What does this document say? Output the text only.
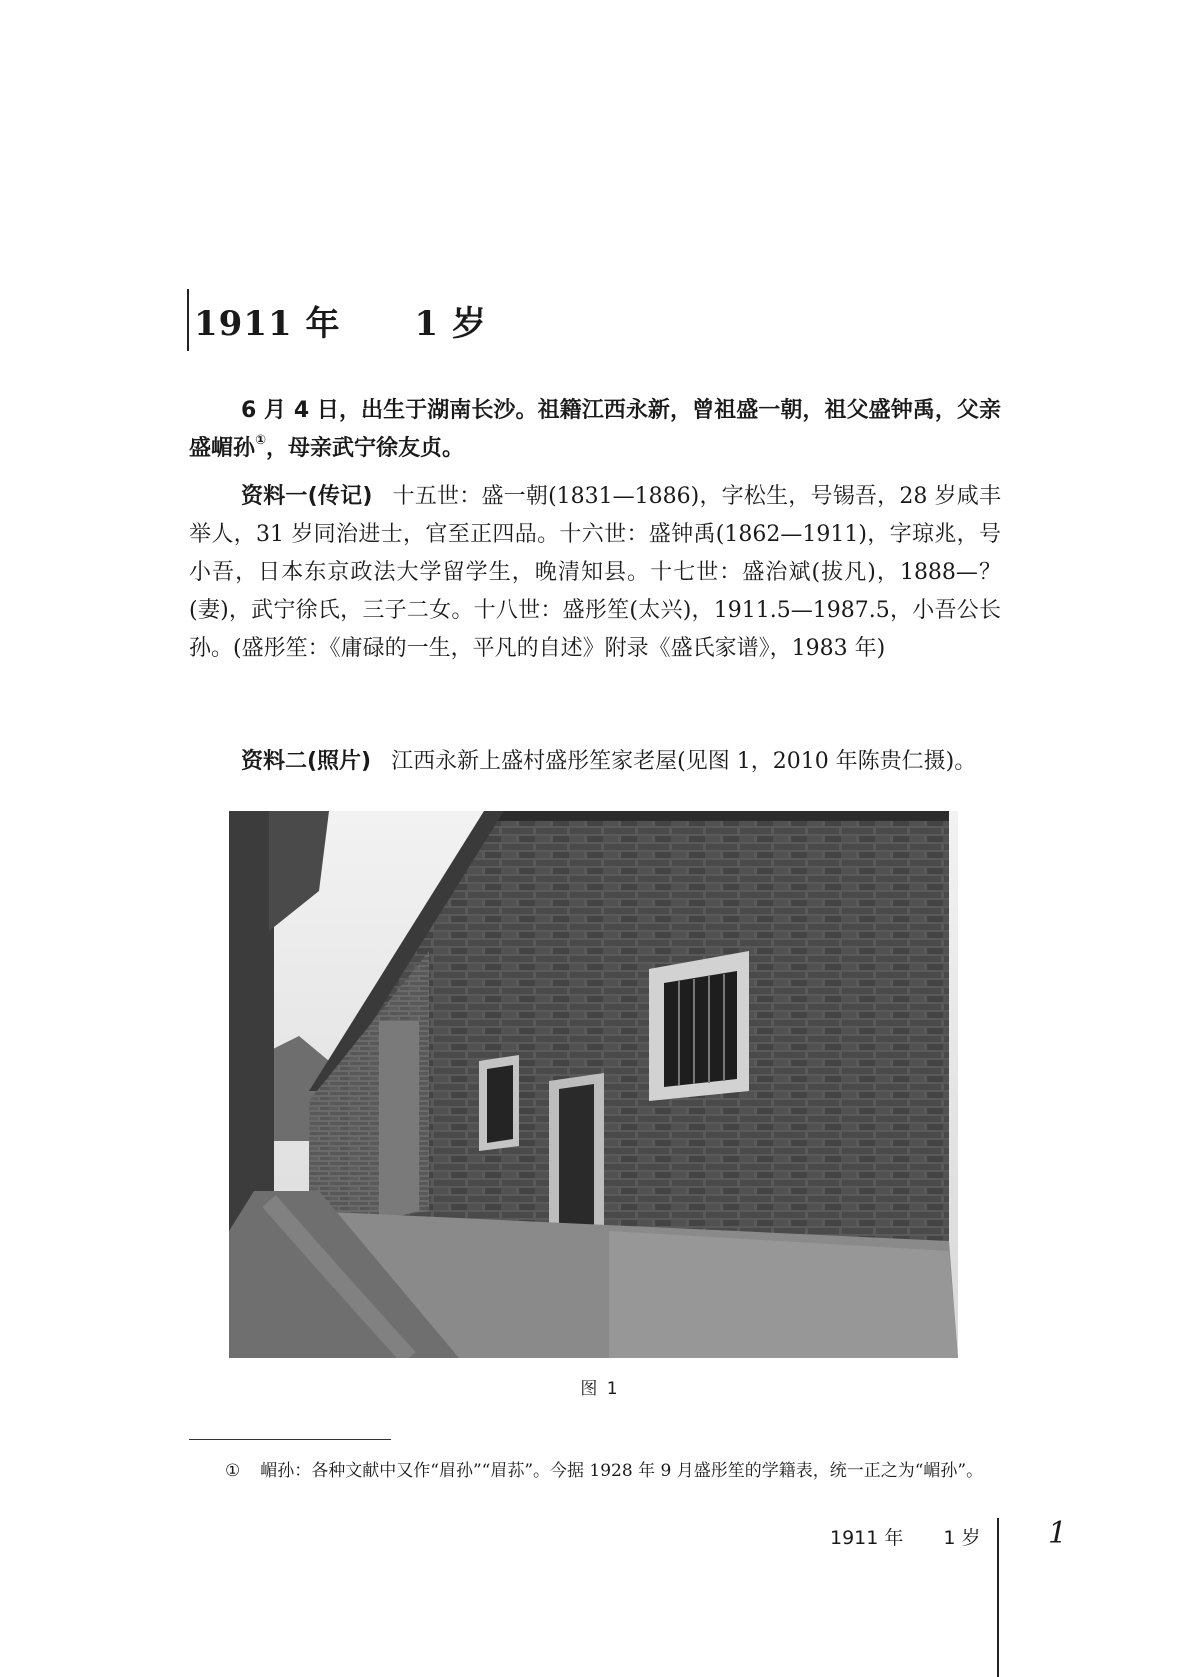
1911 年 1 岁

6 月 4 日，出生于湖南长沙。祖籍江西永新，曾祖盛一朝，祖父盛钟禹，父亲盛嵋孙①，母亲武宁徐友贞。

资料一(传记) 十五世：盛一朝(1831—1886)，字松生，号锡吾，28 岁咸丰举人，31 岁同治进士，官至正四品。十六世：盛钟禹(1862—1911)，字琼兆，号小吾，日本东京政法大学留学生，晚清知县。十七世：盛治斌(拔凡)，1888—？(妻)，武宁徐氏，三子二女。十八世：盛彤笙(太兴)，1911.5—1987.5，小吾公长孙。(盛彤笙：《庸碌的一生，平凡的自述》附录《盛氏家谱》，1983 年)

资料二(照片) 江西永新上盛村盛彤笙家老屋(见图 1，2010 年陈贵仁摄)。

图 1
① 嵋孙：各种文献中又作“眉孙”“眉荪”。今据 1928 年 9 月盛彤笙的学籍表，统一正之为“嵋孙”。
1911 年 1 岁 1
